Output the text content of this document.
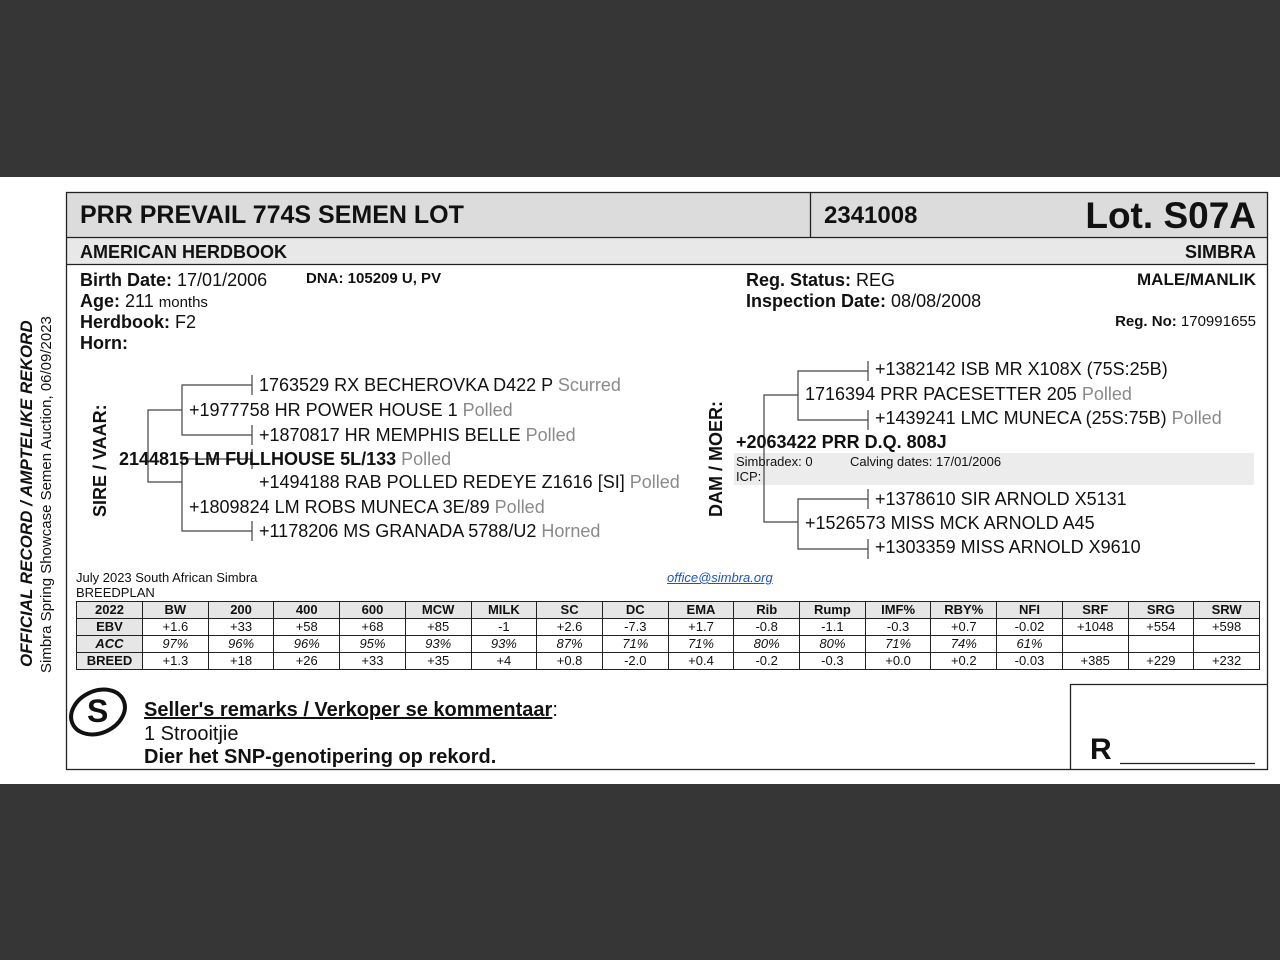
OFFICIAL RECORD / AMPTELIKE REKORD Simbra Spring Showcase Semen Auction, 06/09/2023
PRR PREVAIL 774S SEMEN LOT	2341008	Lot. S07A
AMERICAN HERDBOOK	SIMBRA
Birth Date: 17/01/2006	DNA: 105209 U, PV
Age: 211 months
Herdbook: F2
Horn:
Reg. Status: REG	MALE/MANLIK
Inspection Date: 08/08/2008
Reg. No: 170991655
SIRE / VAAR:
1763529 RX BECHEROVKA D422 P Scurred
+1977758 HR POWER HOUSE 1 Polled
+1870817 HR MEMPHIS BELLE Polled
2144815 LM FULLHOUSE 5L/133 Polled
+1494188 RAB POLLED REDEYE Z1616 [SI] Polled
+1809824 LM ROBS MUNECA 3E/89 Polled
+1178206 MS GRANADA 5788/U2 Horned
DAM / MOER:
+1382142 ISB MR X108X (75S:25B)
1716394 PRR PACESETTER 205 Polled
+1439241 LMC MUNECA (25S:75B) Polled
+2063422 PRR D.Q. 808J
Simbradex: 0	Calving dates: 17/01/2006
ICP:
+1378610 SIR ARNOLD X5131
+1526573 MISS MCK ARNOLD A45
+1303359 MISS ARNOLD X9610
July 2023 South African Simbra
BREEDPLAN
office@simbra.org
2022	BW	200	400	600	MCW	MILK	SC	DC	EMA	Rib	Rump	IMF%	RBY%	NFI	SRF	SRG	SRW
EBV	+1.6	+33	+58	+68	+85	-1	+2.6	-7.3	+1.7	-0.8	-1.1	-0.3	+0.7	-0.02	+1048	+554	+598
ACC	97%	96%	96%	95%	93%	93%	87%	71%	71%	80%	80%	71%	74%	61%			
BREED	+1.3	+18	+26	+33	+35	+4	+0.8	-2.0	+0.4	-0.2	-0.3	+0.0	+0.2	-0.03	+385	+229	+232
S Seller's remarks / Verkoper se kommentaar:
1 Strooitjie
Dier het SNP-genotipering op rekord.	R
